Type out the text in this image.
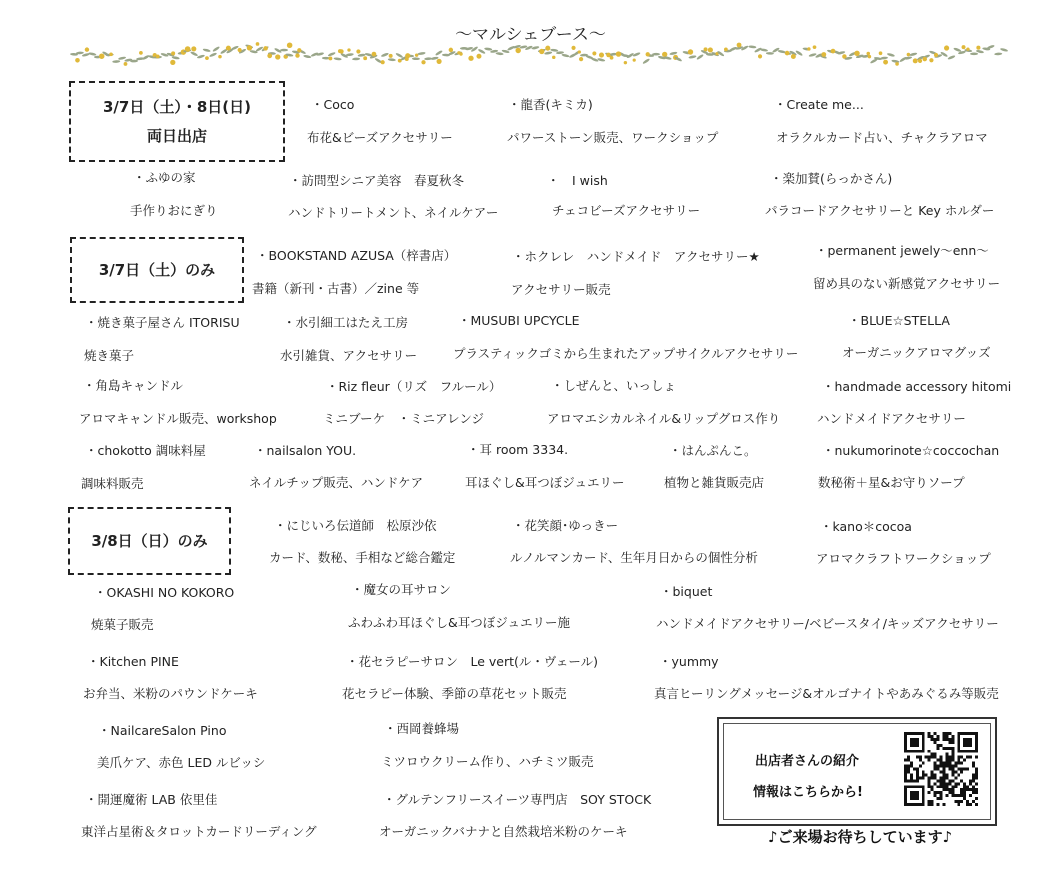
〜マルシェブース〜
3/7日（土）・8日(日)
両日出店
3/7日（土）のみ
3/8日（日）のみ
・Coco
布花&ビーズアクセサリー
・龍香(キミカ)
パワーストーン販売、ワークショップ
・Create me...
オラクルカード占い、チャクラアロマ
・ふゆの家
手作りおにぎり
・訪問型シニア美容　春夏秋冬
ハンドトリートメント、ネイルケアー
・　I wish
チェコビーズアクセサリー
・楽加賛(らっかさん)
パラコードアクセサリーと Key ホルダー
・BOOKSTAND AZUSA（梓書店）
書籍（新刊・古書）／zine 等
・ホクレレ　ハンドメイド　アクセサリー★
アクセサリー販売
・permanent jewely〜enn〜
留め具のない新感覚アクセサリー
・焼き菓子屋さん ITORISU
焼き菓子
・水引細工はたえ工房
水引雑貨、アクセサリー
・MUSUBI UPCYCLE
プラスティックゴミから生まれたアップサイクルアクセサリー
・BLUE☆STELLA
オーガニックアロマグッズ
・角島キャンドル
アロマキャンドル販売、workshop
・Riz fleur（リズ　フルール）
ミニブーケ　・ミニアレンジ
・しぜんと、いっしょ
アロマエシカルネイル&リップグロス作り
・handmade accessory hitomi
ハンドメイドアクセサリー
・chokotto 調味料屋
調味料販売
・nailsalon YOU.
ネイルチップ販売、ハンドケア
・耳 room 3334.
耳ほぐし&耳つぼジュエリー
・はんぷんこ。
植物と雑貨販売店
・nukumorinote☆coccochan
数秘術＋星&お守りソープ
・にじいろ伝道師　松原沙依
カード、数秘、手相など総合鑑定
・花笑顔･ゆっきー
ルノルマンカード、生年月日からの個性分析
・kano＊cocoa
アロマクラフトワークショップ
・OKASHI NO KOKORO
焼菓子販売
・魔女の耳サロン
ふわふわ耳ほぐし&耳つぼジュエリー施
・biquet
ハンドメイドアクセサリー/ベビースタイ/キッズアクセサリー
・Kitchen PINE
お弁当、米粉のパウンドケーキ
・花セラピーサロン　Le vert(ル・ヴェール)
花セラピー体験、季節の草花セット販売
・yummy
真言ヒーリングメッセージ&オルゴナイトやあみぐるみ等販売
・NailcareSalon Pino
美爪ケア、赤色 LED ルビッシ
・西岡養蜂場
ミツロウクリーム作り、ハチミツ販売
・開運魔術 LAB 依里佳
東洋占星術＆タロットカードリーディング
・グルテンフリースイーツ専門店　SOY STOCK
オーガニックバナナと自然栽培米粉のケーキ
出店者さんの紹介
情報はこちらから!
♪ご来場お待ちしています♪
